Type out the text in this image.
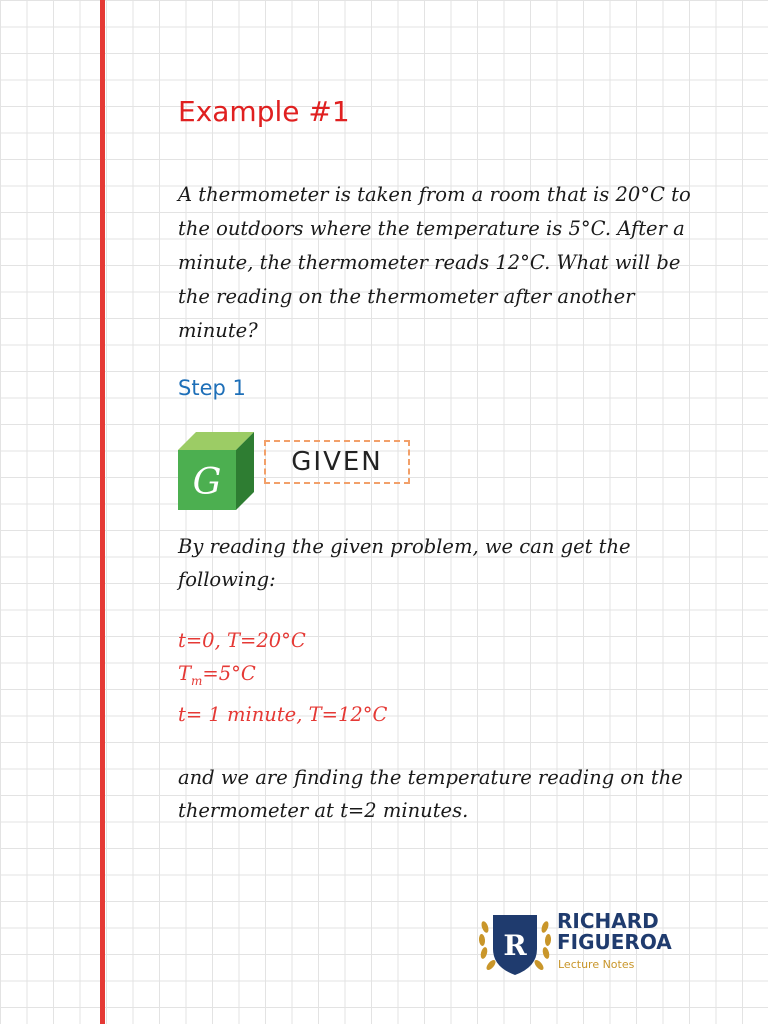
Example #1

A thermometer is taken from a room that is 20°C to the outdoors where the temperature is 5°C. After a minute, the thermometer reads 12°C. What will be the reading on the thermometer after another minute?

Step 1

G	GIVEN

By reading the given problem, we can get the following:

t=0, T=20°C
$T_m=5^\circ C$
t= 1 minute, T=12°C

and we are finding the temperature reading on the thermometer at t=2 minutes.

R
RICHARD
FIGUEROA
Lecture Notes
